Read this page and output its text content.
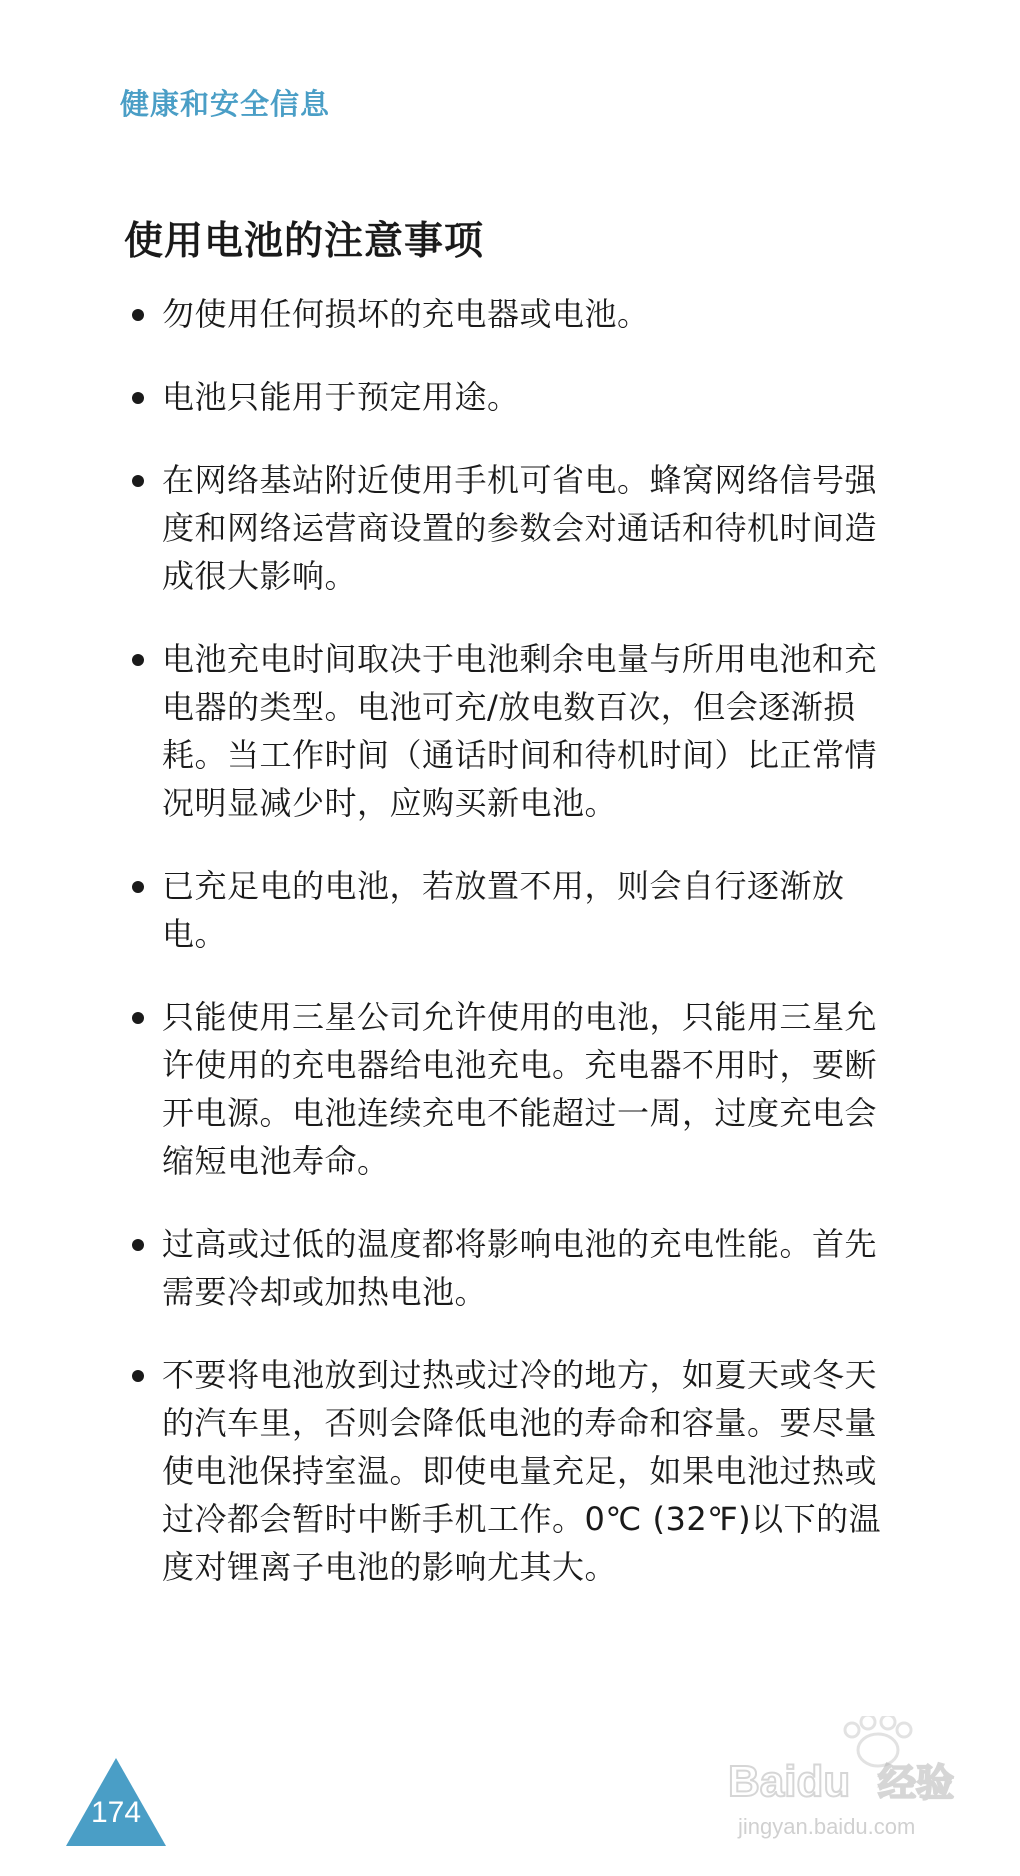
健康和安全信息
使用电池的注意事项
勿使用任何损坏的充电器或电池。
电池只能用于预定用途。
在网络基站附近使用手机可省电。蜂窝网络信号强度和网络运营商设置的参数会对通话和待机时间造成很大影响。
电池充电时间取决于电池剩余电量与所用电池和充电器的类型。电池可充/放电数百次，但会逐渐损耗。当工作时间（通话时间和待机时间）比正常情况明显减少时，应购买新电池。
已充足电的电池，若放置不用，则会自行逐渐放电。
只能使用三星公司允许使用的电池，只能用三星允许使用的充电器给电池充电。充电器不用时，要断开电源。电池连续充电不能超过一周，过度充电会缩短电池寿命。
过高或过低的温度都将影响电池的充电性能。首先需要冷却或加热电池。
不要将电池放到过热或过冷的地方，如夏天或冬天的汽车里，否则会降低电池的寿命和容量。要尽量使电池保持室温。即使电量充足，如果电池过热或过冷都会暂时中断手机工作。0℃ (32℉)以下的温度对锂离子电池的影响尤其大。
174
Baidu 经验
jingyan.baidu.com
